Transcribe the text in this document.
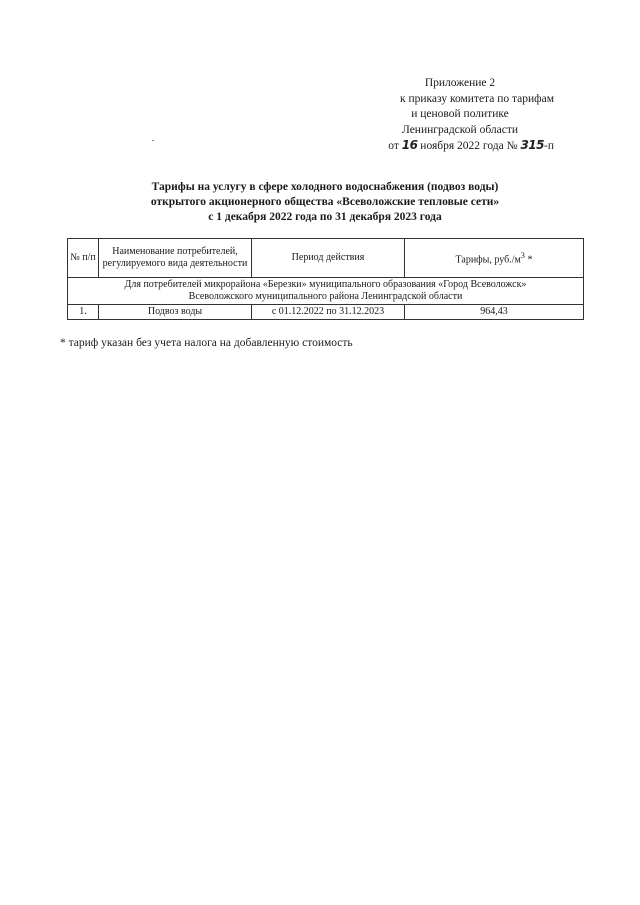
Приложение 2
к приказу комитета по тарифам
и ценовой политике
Ленинградской области
от 16 ноября 2022 года № 315-п
Тарифы на услугу в сфере холодного водоснабжения (подвоз воды)
открытого акционерного общества «Всеволожские тепловые сети»
с 1 декабря 2022 года по 31 декабря 2023 года
№ п/п	Наименование потребителей, регулируемого вида деятельности	Период действия	Тарифы, $руб./м^3$ *

Для потребителей микрорайона «Березки» муниципального образования «Город Всеволожск»
Всеволожского муниципального района Ленинградской области			

1.	Подвоз воды	с 01.12.2022 по 31.12.2023	964,43
* тариф указан без учета налога на добавленную стоимость
